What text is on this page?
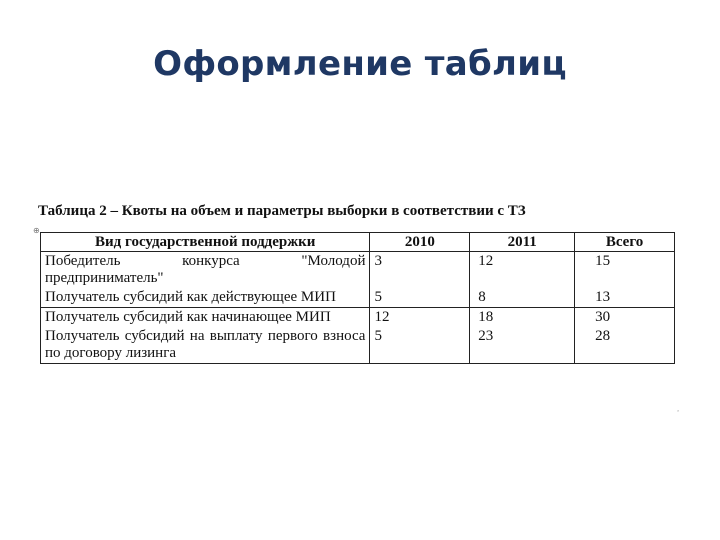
Оформление таблиц
Таблица 2 – Квоты на объем и параметры выборки в соответствии с ТЗ
⊕
¸
Вид государственной поддержки	2010	2011	Всего
Победитель конкурса "Молодой предприниматель"	3	12	15
Получатель субсидий как действующее МИП	5	8	13
Получатель субсидий как начинающее МИП	12	18	30
Получатель субсидий на выплату первого взноса по договору лизинга	5	23	28
